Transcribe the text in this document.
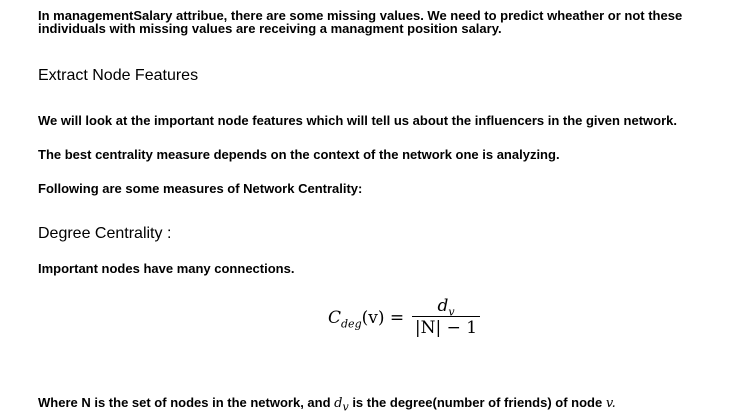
In managementSalary attribue, there are some missing values. We need to predict wheather or not these
individuals with missing values are receiving a managment position salary.
Extract Node Features

We will look at the important node features which will tell us about the influencers in the given network.

The best centrality measure depends on the context of the network one is analyzing.

Following are some measures of Network Centrality:

Degree Centrality :

Important nodes have many connections.

$C_{deg}(v)$ =
$d_v$
|N| − 1

Where N is the set of nodes in the network, and $d_v$ is the degree(number of friends) of node v.
